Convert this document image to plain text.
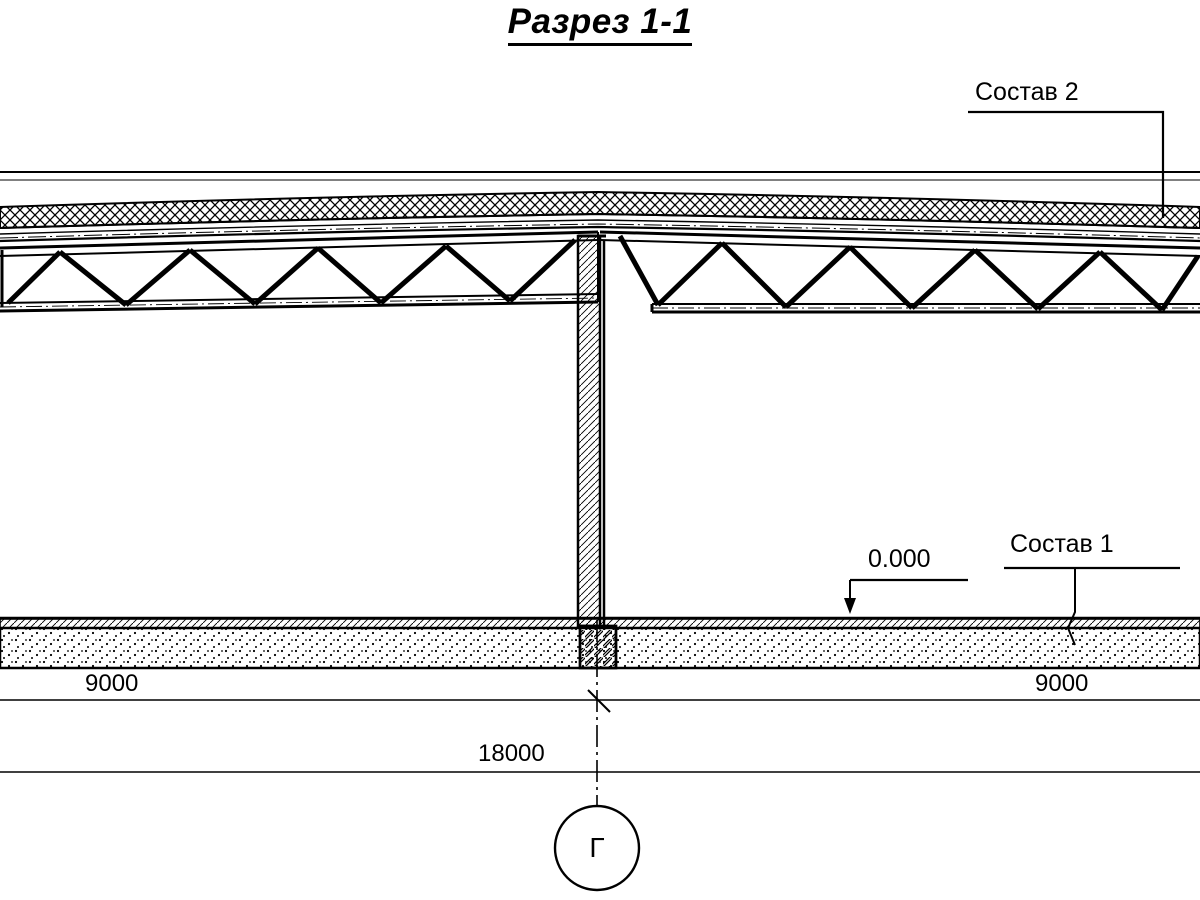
Разрез 1-1
Состав 2
Состав 1
0.000
9000	9000
18000
Г
